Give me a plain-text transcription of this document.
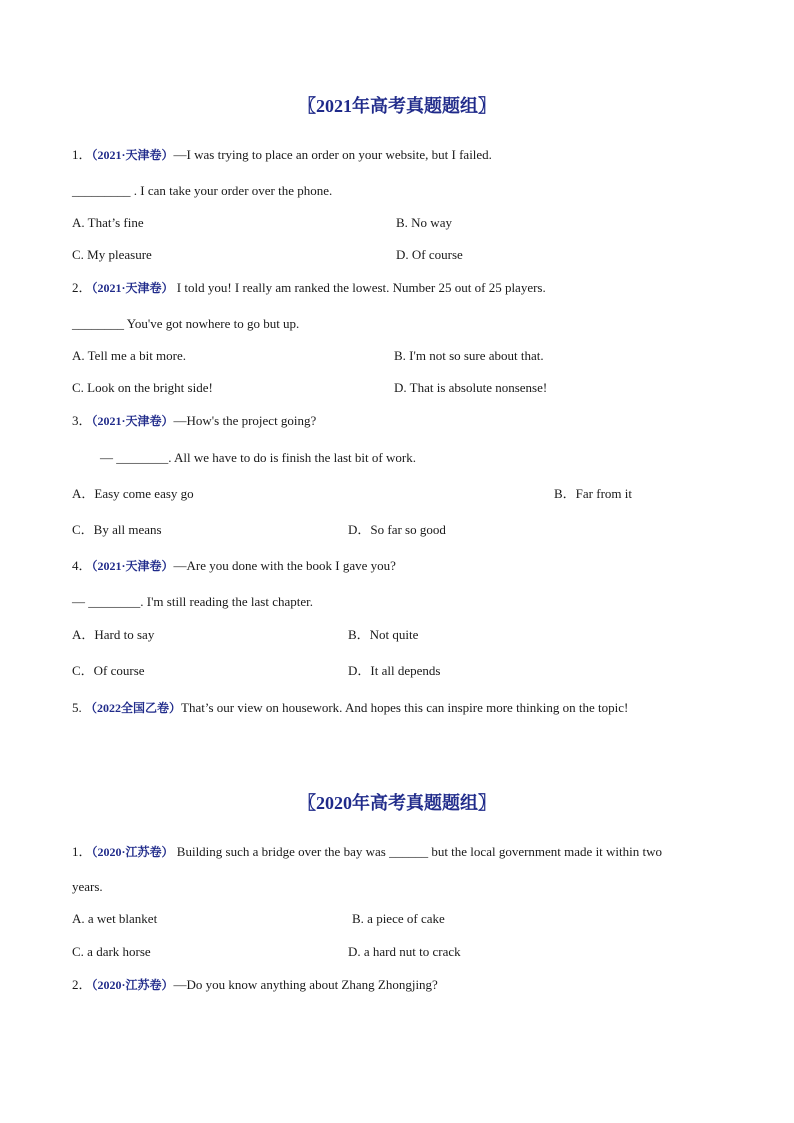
〖2021年高考真题题组〗
1．（2021·天津卷）—I was trying to place an order on your website, but I failed.
_________ . I can take your order over the phone.
A. That’s fine	B. No way
C. My pleasure	D. Of course
2．（2021·天津卷） I told you! I really am ranked the lowest. Number 25 out of 25 players.
________ You've got nowhere to go but up.
A. Tell me a bit more.	B. I'm not so sure about that.
C. Look on the bright side!	D. That is absolute nonsense!
3．（2021·天津卷）—How's the project going?
— ________. All we have to do is finish the last bit of work.
A．Easy come easy go	B．Far from it
C．By all means	D．So far so good
4．（2021·天津卷）—Are you done with the book I gave you?
— ________. I'm still reading the last chapter.
A．Hard to say	B．Not quite
C．Of course	D．It all depends
5. （2022全国乙卷）That’s our view on housework. And hopes this can inspire more thinking on the topic!
〖2020年高考真题题组〗
1．（2020·江苏卷） Building such a bridge over the bay was ______ but the local government made it within two
years.
A. a wet blanket	B. a piece of cake
C. a dark horse	D. a hard nut to crack
2．（2020·江苏卷）—Do you know anything about Zhang Zhongjing?
